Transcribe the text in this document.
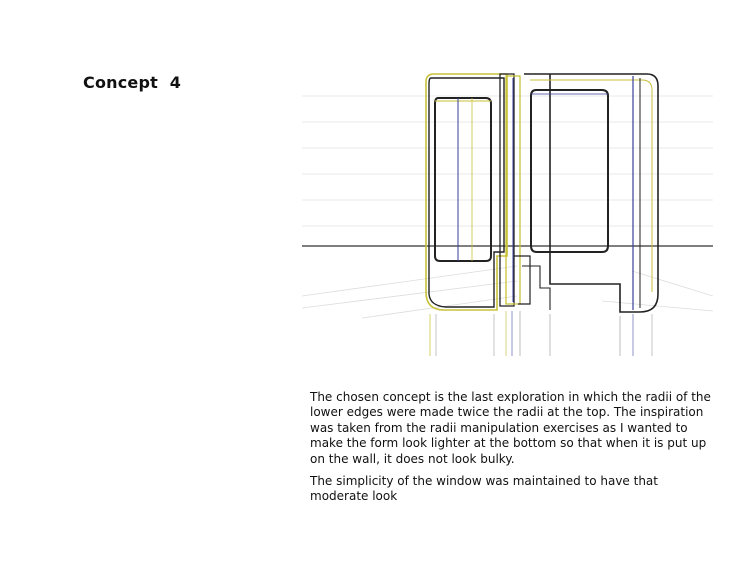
Concept 4

The chosen concept is the last exploration in which the radii of the lower edges were made twice the radii at the top. The inspiration was taken from the radii manipulation exercises as I wanted to make the form look lighter at the bottom so that when it is put up on the wall, it does not look bulky.

The simplicity of the window was maintained to have that moderate look
